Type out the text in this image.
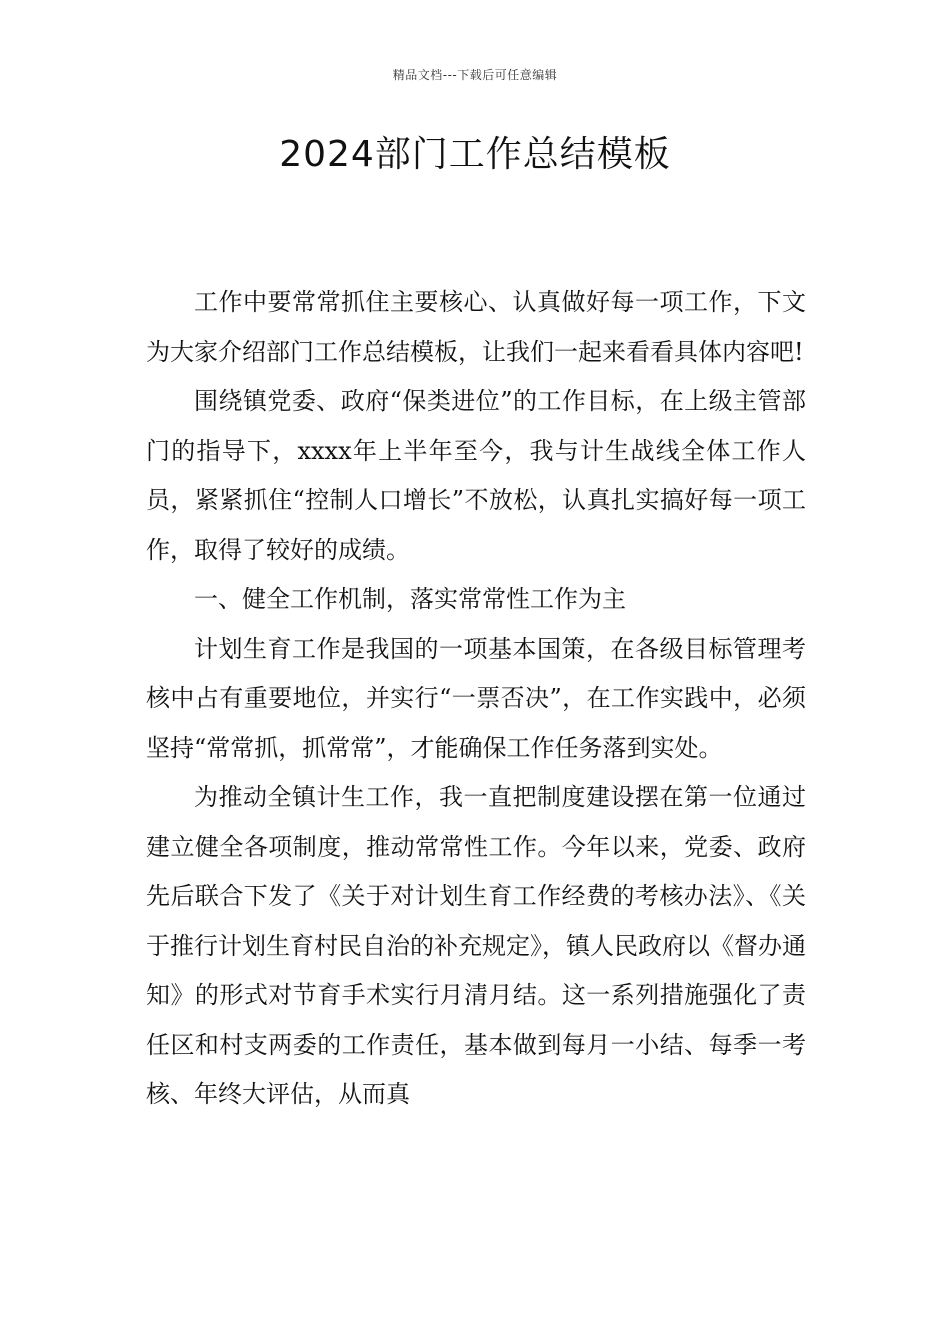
精品文档---下载后可任意编辑
2024部门工作总结模板

工作中要常常抓住主要核心、认真做好每一项工作，下文为大家介绍部门工作总结模板，让我们一起来看看具体内容吧!

围绕镇党委、政府“保类进位”的工作目标，在上级主管部门的指导下，xxxx年上半年至今，我与计生战线全体工作人员，紧紧抓住“控制人口增长”不放松，认真扎实搞好每一项工作，取得了较好的成绩。

一、健全工作机制，落实常常性工作为主

计划生育工作是我国的一项基本国策，在各级目标管理考核中占有重要地位，并实行“一票否决”，在工作实践中，必须坚持“常常抓，抓常常”，才能确保工作任务落到实处。

为推动全镇计生工作，我一直把制度建设摆在第一位通过建立健全各项制度，推动常常性工作。今年以来，党委、政府先后联合下发了《关于对计划生育工作经费的考核办法》、《关于推行计划生育村民自治的补充规定》，镇人民政府以《督办通知》的形式对节育手术实行月清月结。这一系列措施强化了责任区和村支两委的工作责任，基本做到每月一小结、每季一考核、年终大评估，从而真
